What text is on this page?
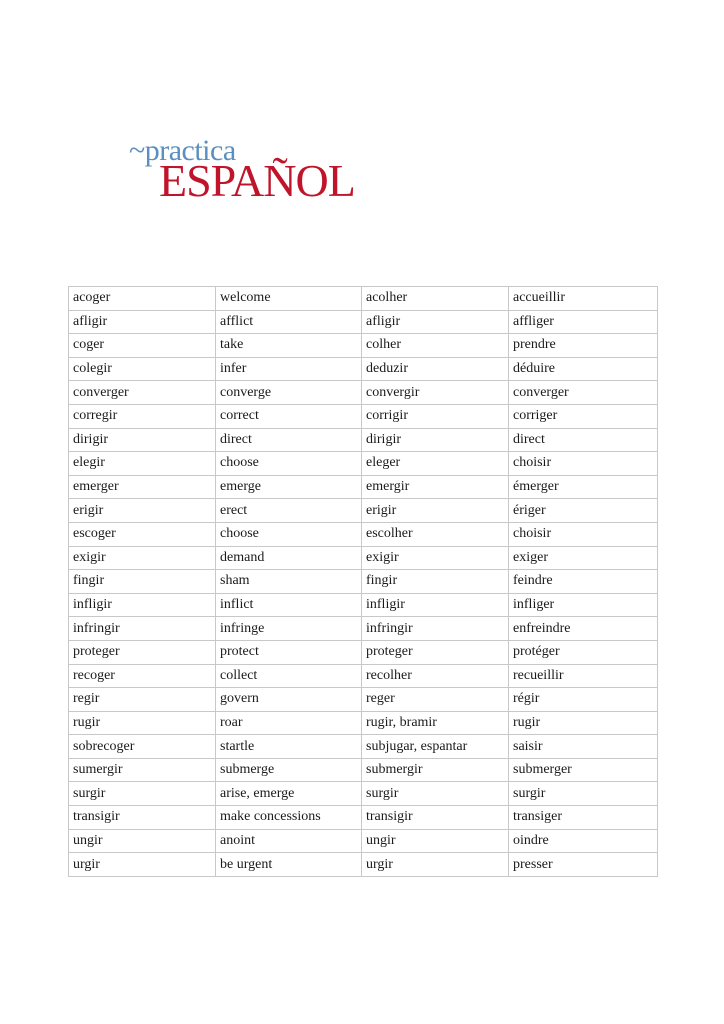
~practica
ESPAÑOL
acoger	welcome	acolher	accueillir
afligir	afflict	afligir	affliger
coger	take	colher	prendre
colegir	infer	deduzir	déduire
converger	converge	convergir	converger
corregir	correct	corrigir	corriger
dirigir	direct	dirigir	direct
elegir	choose	eleger	choisir
emerger	emerge	emergir	émerger
erigir	erect	erigir	ériger
escoger	choose	escolher	choisir
exigir	demand	exigir	exiger
fingir	sham	fingir	feindre
infligir	inflict	infligir	infliger
infringir	infringe	infringir	enfreindre
proteger	protect	proteger	protéger
recoger	collect	recolher	recueillir
regir	govern	reger	régir
rugir	roar	rugir, bramir	rugir
sobrecoger	startle	subjugar, espantar	saisir
sumergir	submerge	submergir	submerger
surgir	arise, emerge	surgir	surgir
transigir	make concessions	transigir	transiger
ungir	anoint	ungir	oindre
urgir	be urgent	urgir	presser
